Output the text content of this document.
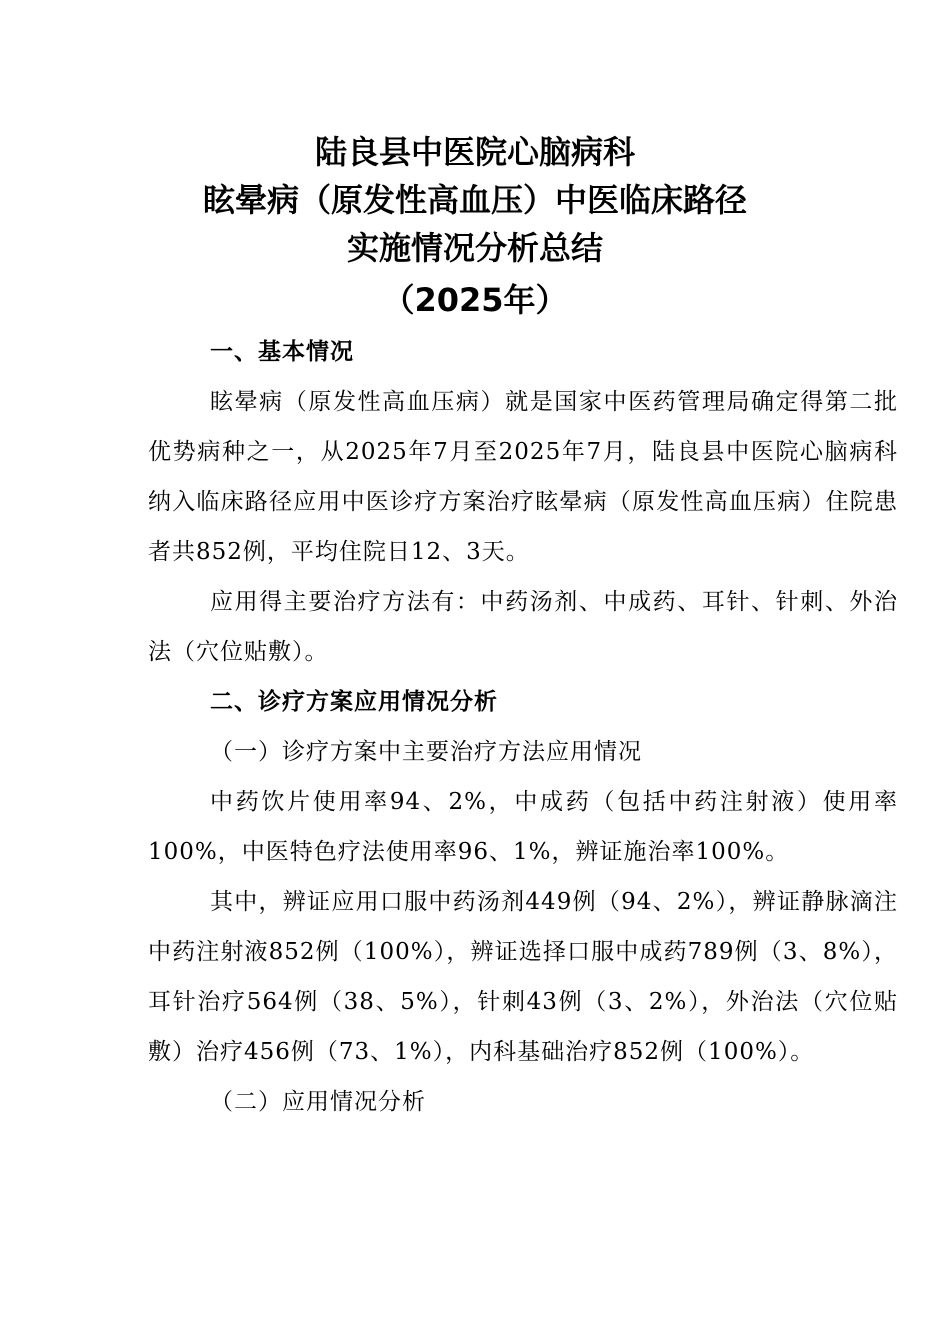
陆良县中医院心脑病科
眩晕病（原发性高血压）中医临床路径
实施情况分析总结
（2025年）

一、基本情况

眩晕病（原发性高血压病）就是国家中医药管理局确定得第二批优势病种之一，从2025年7月至2025年7月，陆良县中医院心脑病科纳入临床路径应用中医诊疗方案治疗眩晕病（原发性高血压病）住院患者共852例，平均住院日12、3天。

应用得主要治疗方法有：中药汤剂、中成药、耳针、针刺、外治法（穴位贴敷）。

二、诊疗方案应用情况分析

（一）诊疗方案中主要治疗方法应用情况

中药饮片使用率94、2%，中成药（包括中药注射液）使用率100%，中医特色疗法使用率96、1%，辨证施治率100%。

其中，辨证应用口服中药汤剂449例（94、2%），辨证静脉滴注中药注射液852例（100%），辨证选择口服中成药789例（3、8%），耳针治疗564例（38、5%），针刺43例（3、2%），外治法（穴位贴敷）治疗456例（73、1%），内科基础治疗852例（100%）。

（二）应用情况分析
